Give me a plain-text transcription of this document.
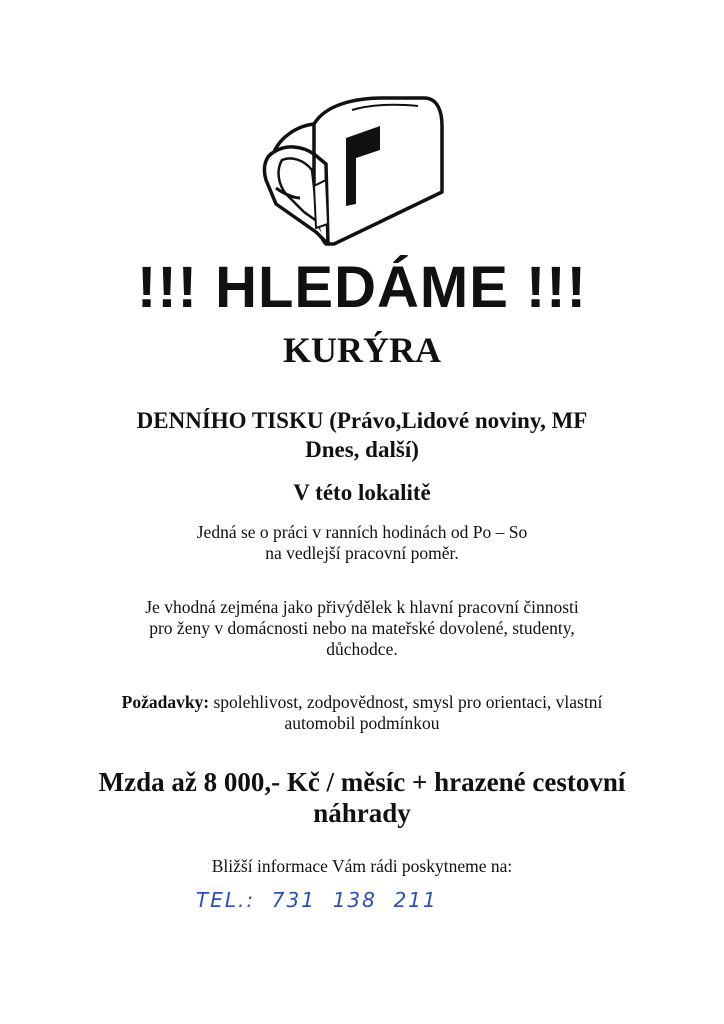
!!! HLEDÁME !!!
KURÝRA
DENNÍHO TISKU (Právo,Lidové noviny, MF
Dnes, další)
V této lokalitě
Jedná se o práci v ranních hodinách od Po – So
na vedlejší pracovní poměr.
Je vhodná zejména jako přivýdělek k hlavní pracovní činnosti
pro ženy v domácnosti nebo na mateřské dovolené, studenty,
důchodce.
Požadavky: spolehlivost, zodpovědnost, smysl pro orientaci, vlastní
automobil podmínkou
Mzda až 8 000,- Kč / měsíc + hrazené cestovní
náhrady
Bližší informace Vám rádi poskytneme na:
TEL.:  731  138  211
